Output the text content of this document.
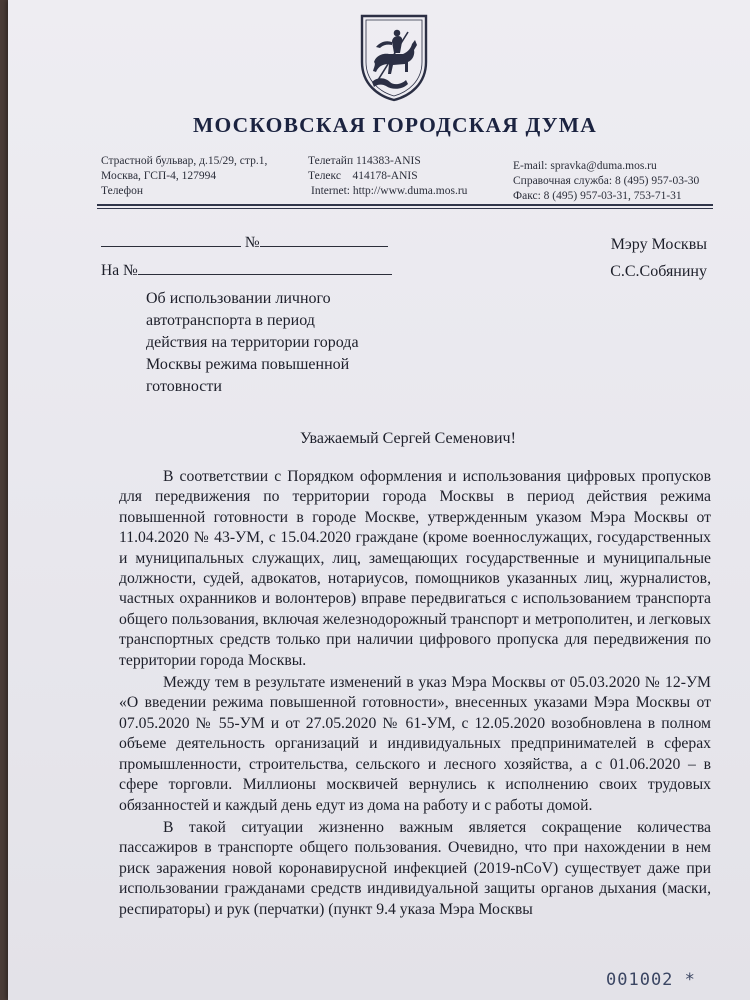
МОСКОВСКАЯ ГОРОДСКАЯ ДУМА
Страстной бульвар, д.15/29, стр.1,
Москва, ГСП-4, 127994
Телефон
Телетайп 114383-ANIS
Телекс    414178-ANIS
Internet: http://www.duma.mos.ru
E-mail: spravka@duma.mos.ru
Справочная служба: 8 (495) 957-03-30
Факс: 8 (495) 957-03-31, 753-71-31
№
На №
Мэру Москвы
С.С.Собянину
Об использовании личного автотранспорта в период действия на территории города Москвы режима повышенной готовности
Уважаемый Сергей Семенович!

В соответствии с Порядком оформления и использования цифровых пропусков для передвижения по территории города Москвы в период действия режима повышенной готовности в городе Москве, утвержденным указом Мэра Москвы от 11.04.2020 № 43-УМ, с 15.04.2020 граждане (кроме военнослужащих, государственных и муниципальных служащих, лиц, замещающих государственные и муниципальные должности, судей, адвокатов, нотариусов, помощников указанных лиц, журналистов, частных охранников и волонтеров) вправе передвигаться с использованием транспорта общего пользования, включая железнодорожный транспорт и метрополитен, и легковых транспортных средств только при наличии цифрового пропуска для передвижения по территории города Москвы.

Между тем в результате изменений в указ Мэра Москвы от 05.03.2020 № 12-УМ «О введении режима повышенной готовности», внесенных указами Мэра Москвы от 07.05.2020 № 55-УМ и от 27.05.2020 № 61-УМ, с 12.05.2020 возобновлена в полном объеме деятельность организаций и индивидуальных предпринимателей в сферах промышленности, строительства, сельского и лесного хозяйства, а с 01.06.2020 – в сфере торговли. Миллионы москвичей вернулись к исполнению своих трудовых обязанностей и каждый день едут из дома на работу и с работы домой.

В такой ситуации жизненно важным является сокращение количества пассажиров в транспорте общего пользования. Очевидно, что при нахождении в нем риск заражения новой коронавирусной инфекцией (2019-nCoV) существует даже при использовании гражданами средств индивидуальной защиты органов дыхания (маски, респираторы) и рук (перчатки) (пункт 9.4 указа Мэра Москвы

001002 *
